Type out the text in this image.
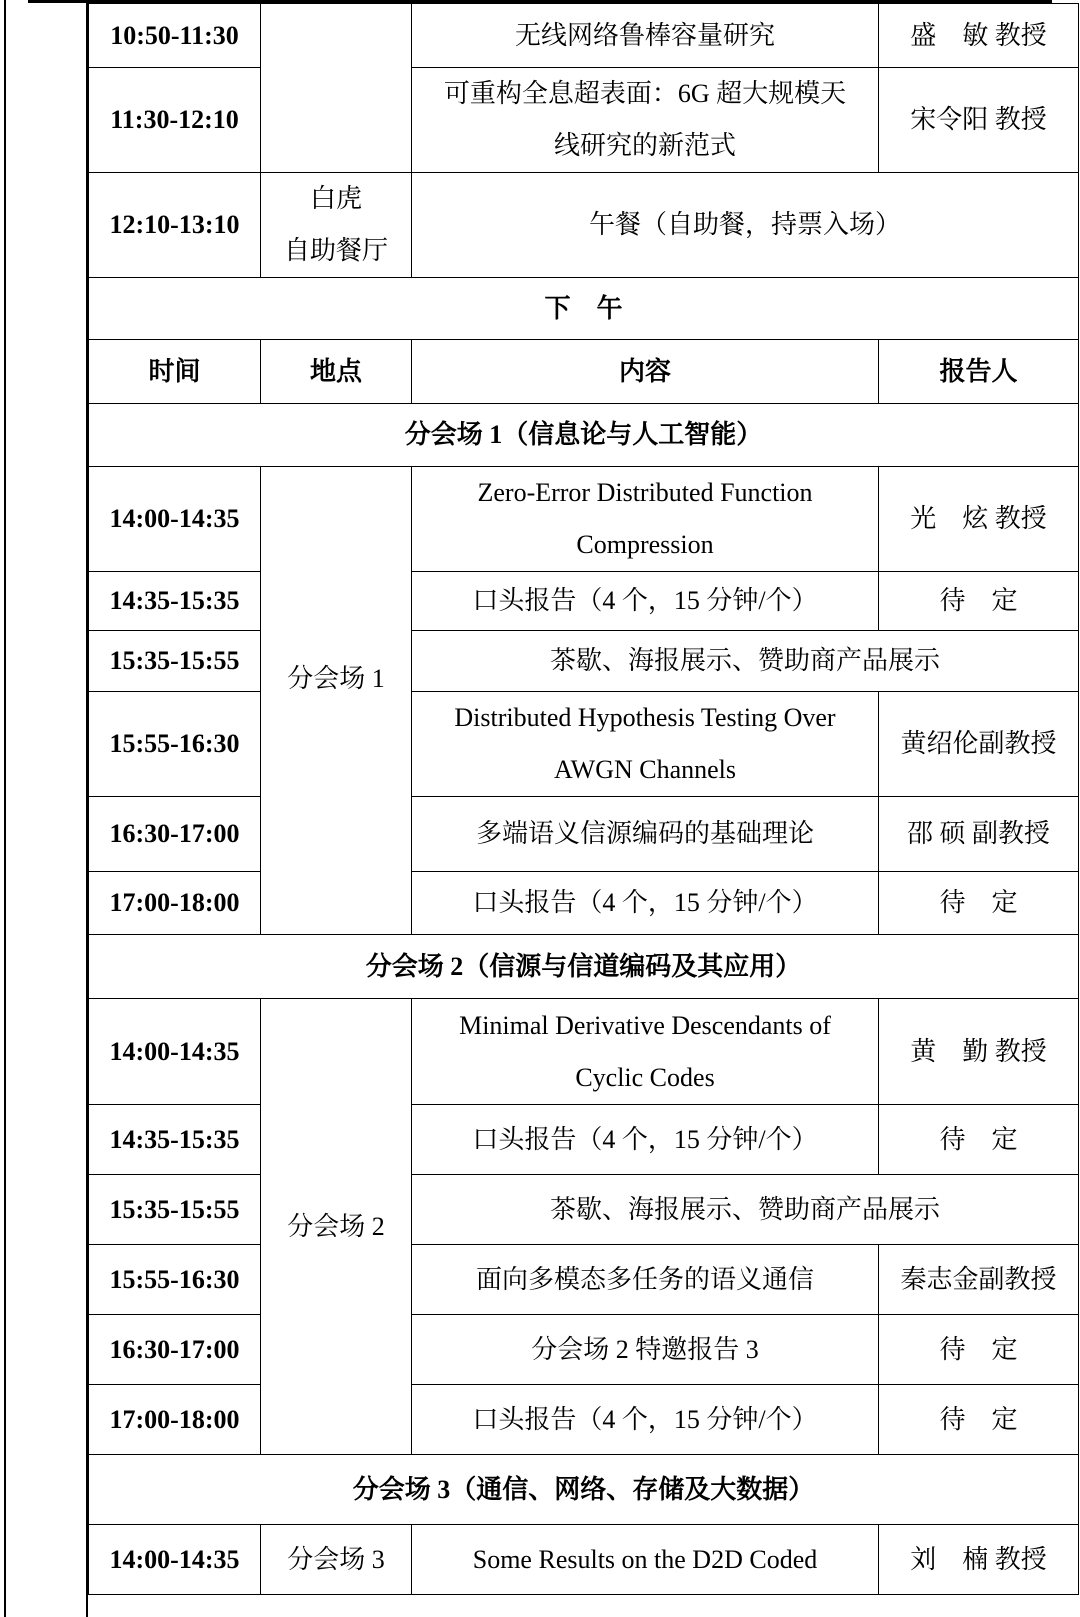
10:50-11:30		无线网络鲁棒容量研究	盛　敏 教授
11:30-12:10		可重构全息超表面：6G 超大规模天
线研究的新范式	宋令阳 教授
12:10-13:10	白虎
自助餐厅	午餐（自助餐，持票入场）	
下　午			
时间	地点	内容	报告人
分会场 1（信息论与人工智能）			
14:00-14:35	分会场 1	Zero-Error Distributed Function
Compression	光　炫 教授
14:35-15:35		口头报告（4 个，15 分钟/个）	待　定
15:35-15:55		茶歇、海报展示、赞助商产品展示	
15:55-16:30		Distributed Hypothesis Testing Over
AWGN Channels	黄绍伦副教授
16:30-17:00		多端语义信源编码的基础理论	邵 硕 副教授
17:00-18:00		口头报告（4 个，15 分钟/个）	待　定
分会场 2（信源与信道编码及其应用）			
14:00-14:35	分会场 2	Minimal Derivative Descendants of
Cyclic Codes	黄　勤 教授
14:35-15:35		口头报告（4 个，15 分钟/个）	待　定
15:35-15:55		茶歇、海报展示、赞助商产品展示	
15:55-16:30		面向多模态多任务的语义通信	秦志金副教授
16:30-17:00		分会场 2 特邀报告 3	待　定
17:00-18:00		口头报告（4 个，15 分钟/个）	待　定
分会场 3（通信、网络、存储及大数据）			
14:00-14:35	分会场 3	Some Results on the D2D Coded	刘　楠 教授
